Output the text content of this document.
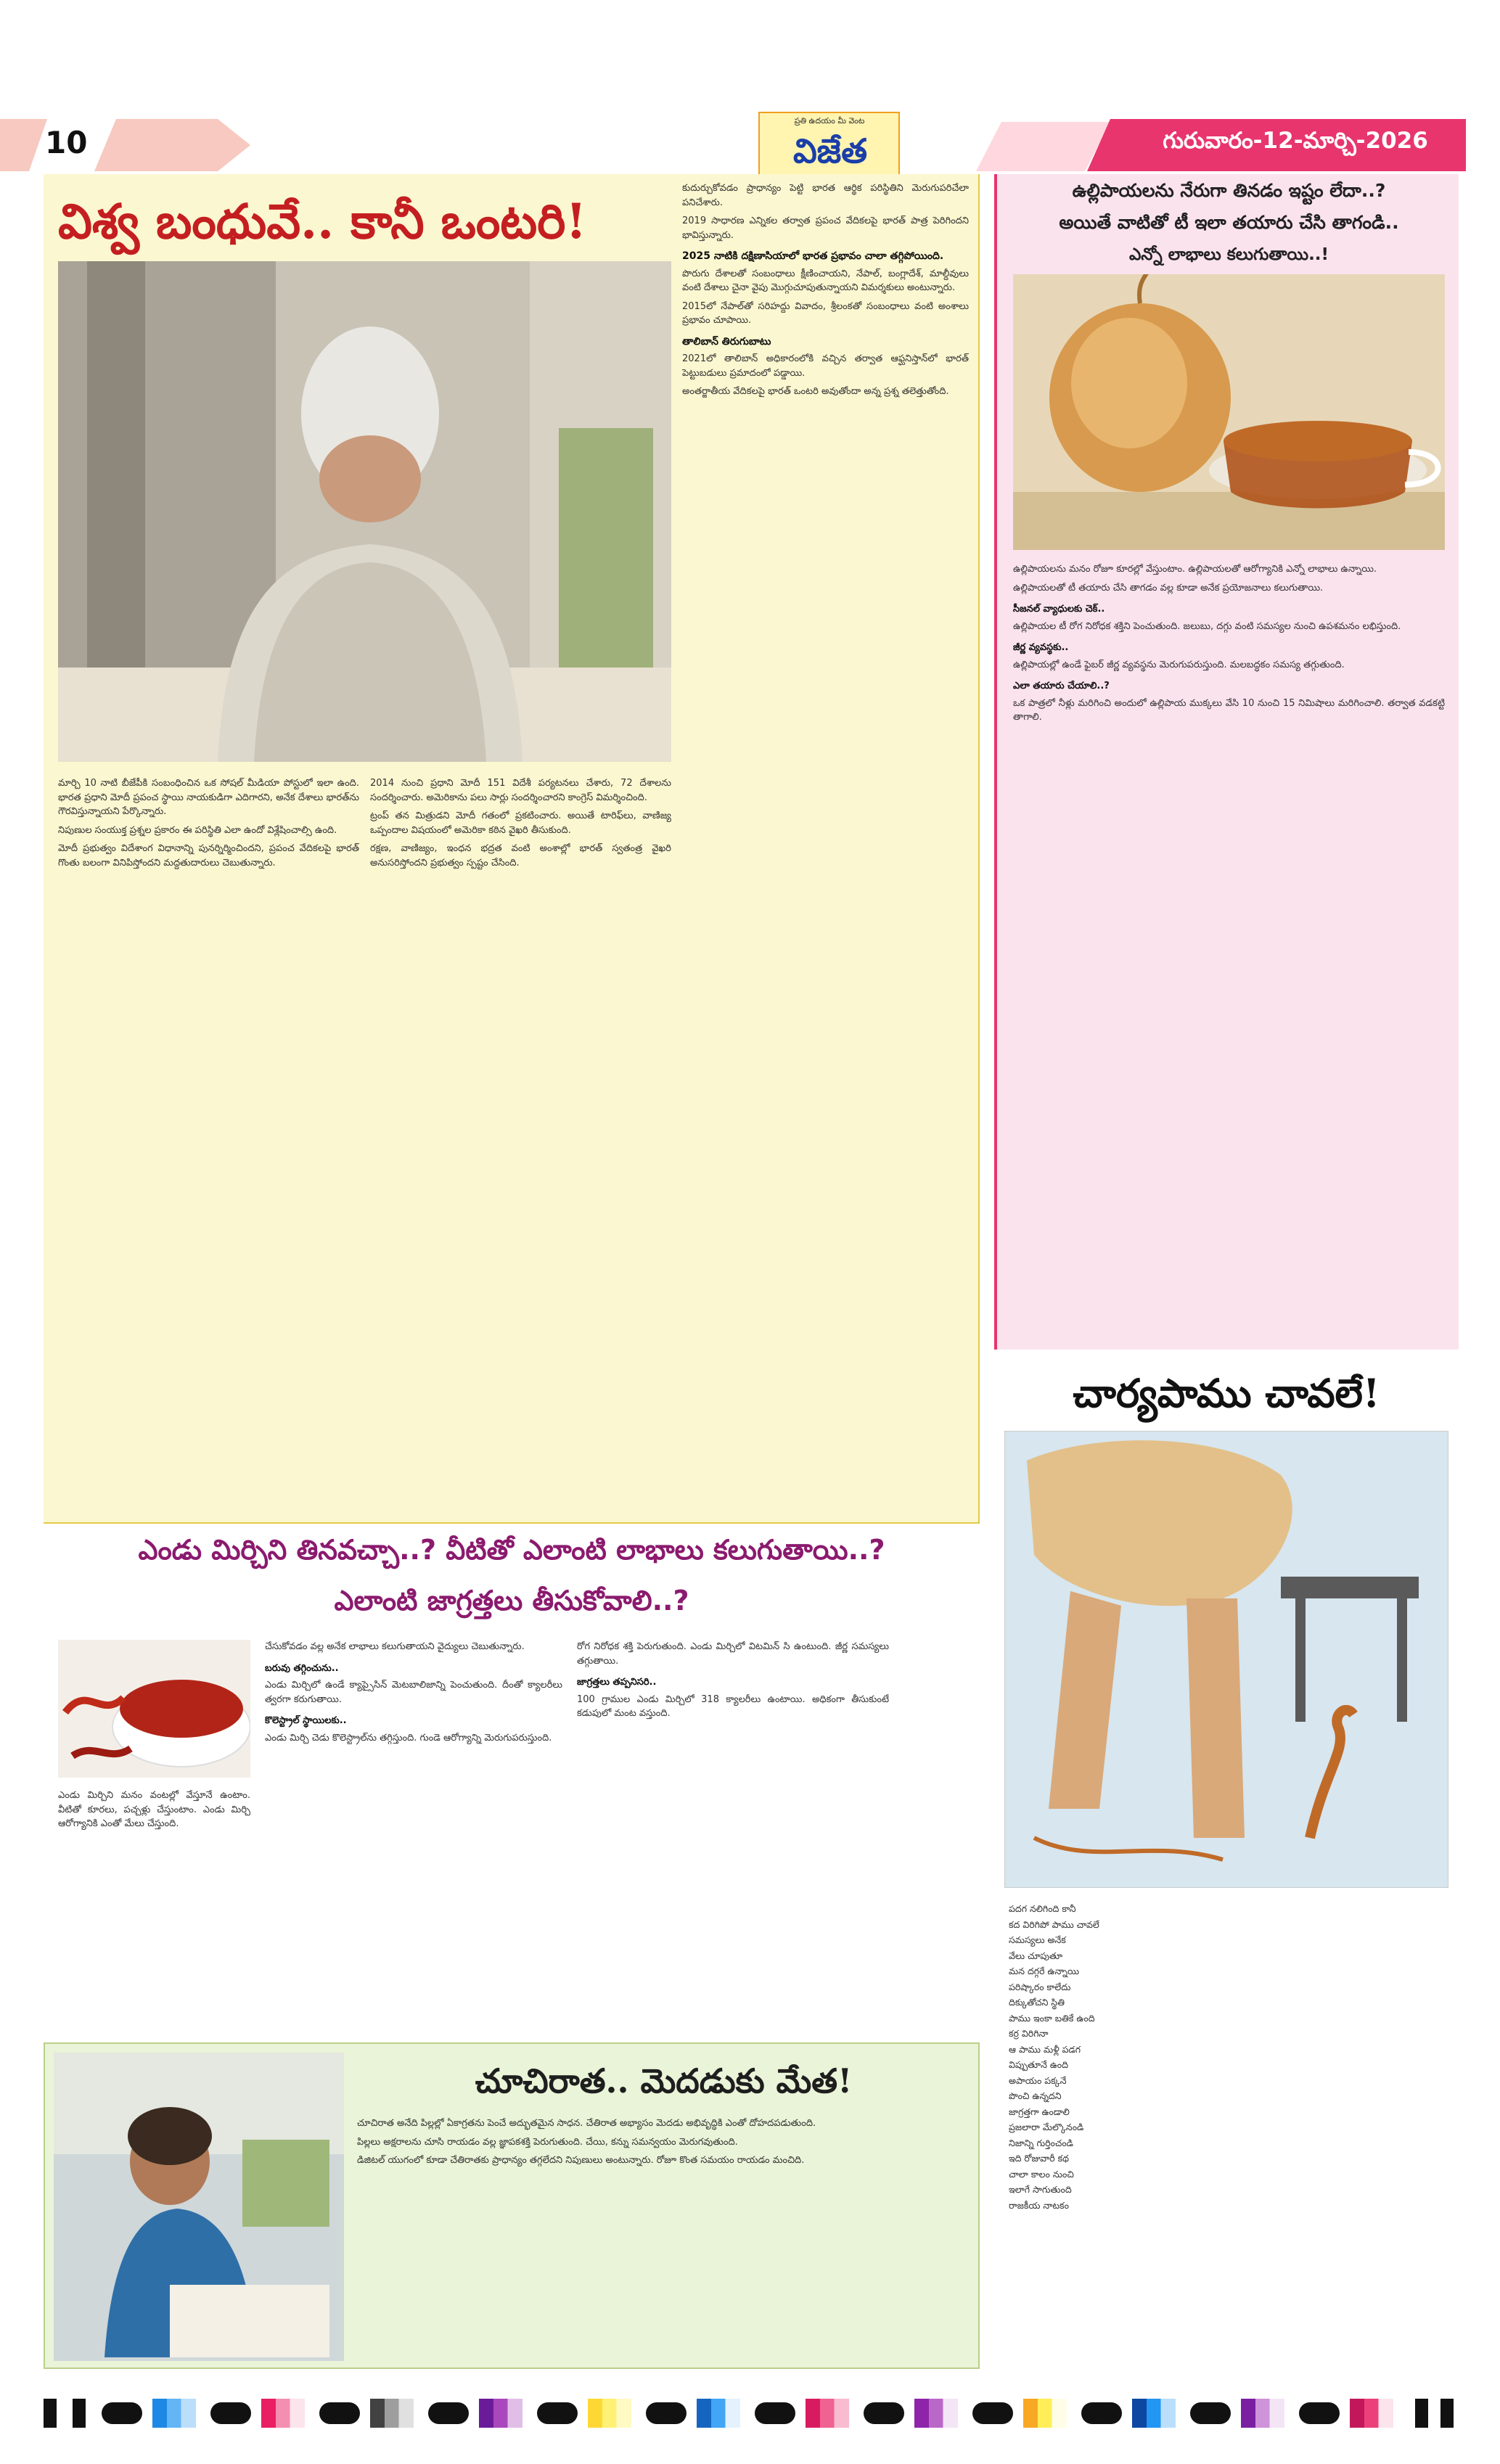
10
ప్రతి ఉదయం మీ వెంట
విజేత	గురువారం-12-మార్చి-2026
విశ్వ బంధువే.. కానీ ఒంటరి!

మార్చి 10 నాటి బీజేపీకి సంబంధించిన ఒక సోషల్ మీడియా పోస్టులో ఇలా ఉంది. భారత ప్రధాని మోదీ ప్రపంచ స్థాయి నాయకుడిగా ఎదిగారని, అనేక దేశాలు భారత్‌ను గౌరవిస్తున్నాయని పేర్కొన్నారు.

నిపుణుల సంయుక్త ప్రశ్నల ప్రకారం ఈ పరిస్థితి ఎలా ఉందో విశ్లేషించాల్సి ఉంది.

మోదీ ప్రభుత్వం విదేశాంగ విధానాన్ని పునర్నిర్మించిందని, ప్రపంచ వేదికలపై భారత్ గొంతు బలంగా వినిపిస్తోందని మద్దతుదారులు చెబుతున్నారు.

2014 నుంచి ప్రధాని మోదీ 151 విదేశీ పర్యటనలు చేశారు, 72 దేశాలను సందర్శించారు. అమెరికాను పలు సార్లు సందర్శించారని కాంగ్రెస్ విమర్శించింది.

ట్రంప్ తన మిత్రుడని మోదీ గతంలో ప్రకటించారు. అయితే టారిఫ్‌లు, వాణిజ్య ఒప్పందాల విషయంలో అమెరికా కఠిన వైఖరి తీసుకుంది.

రక్షణ, వాణిజ్యం, ఇంధన భద్రత వంటి అంశాల్లో భారత్ స్వతంత్ర వైఖరి అనుసరిస్తోందని ప్రభుత్వం స్పష్టం చేసింది.

కుదుర్చుకోవడం ప్రాధాన్యం పెట్టి భారత ఆర్థిక పరిస్థితిని మెరుగుపరిచేలా పనిచేశారు.

2019 సాధారణ ఎన్నికల తర్వాత ప్రపంచ వేదికలపై భారత్ పాత్ర పెరిగిందని భావిస్తున్నారు.

2025 నాటికి దక్షిణాసియాలో భారత ప్రభావం చాలా తగ్గిపోయింది.

పొరుగు దేశాలతో సంబంధాలు క్షీణించాయని, నేపాల్, బంగ్లాదేశ్, మాల్దీవులు వంటి దేశాలు చైనా వైపు మొగ్గుచూపుతున్నాయని విమర్శకులు అంటున్నారు.

2015లో నేపాల్‌తో సరిహద్దు వివాదం, శ్రీలంకతో సంబంధాలు వంటి అంశాలు ప్రభావం చూపాయి.

తాలిబాన్ తిరుగుబాటు

2021లో తాలిబాన్ అధికారంలోకి వచ్చిన తర్వాత ఆఫ్ఘనిస్తాన్‌లో భారత్ పెట్టుబడులు ప్రమాదంలో పడ్డాయి.

అంతర్జాతీయ వేదికలపై భారత్ ఒంటరి అవుతోందా అన్న ప్రశ్న తలెత్తుతోంది.

ఉల్లిపాయలను నేరుగా తినడం ఇష్టం లేదా..?
అయితే వాటితో టీ ఇలా తయారు చేసి తాగండి..
ఎన్నో లాభాలు కలుగుతాయి..!

ఉల్లిపాయలను మనం రోజూ కూరల్లో వేస్తుంటాం. ఉల్లిపాయలతో ఆరోగ్యానికి ఎన్నో లాభాలు ఉన్నాయి.

ఉల్లిపాయలతో టీ తయారు చేసి తాగడం వల్ల కూడా అనేక ప్రయోజనాలు కలుగుతాయి.

సీజనల్ వ్యాధులకు చెక్..

ఉల్లిపాయల టీ రోగ నిరోధక శక్తిని పెంచుతుంది. జలుబు, దగ్గు వంటి సమస్యల నుంచి ఉపశమనం లభిస్తుంది.

జీర్ణ వ్యవస్థకు..

ఉల్లిపాయల్లో ఉండే ఫైబర్ జీర్ణ వ్యవస్థను మెరుగుపరుస్తుంది. మలబద్ధకం సమస్య తగ్గుతుంది.

ఎలా తయారు చేయాలి..?

ఒక పాత్రలో నీళ్లు మరిగించి అందులో ఉల్లిపాయ ముక్కలు వేసి 10 నుంచి 15 నిమిషాలు మరిగించాలి. తర్వాత వడకట్టి తాగాలి.

చార్యపాము చావలే!
పదగ నలిగింది కానీ
కద విరిగిపో పాము చావలే
సమస్యలు అనేక
వేలు చూపుతూ
మన దగ్గరే ఉన్నాయి
పరిష్కారం కాలేదు
దిక్కుతోచని స్థితి
పాము ఇంకా బతికే ఉంది
కర్ర విరిగినా
ఆ పాము మళ్లీ పడగ
విప్పుతూనే ఉంది
అపాయం పక్కనే
పొంచి ఉన్నదని
జాగ్రత్తగా ఉండాలి
ప్రజలారా మేల్కొనండి
నిజాన్ని గుర్తించండి
ఇది రోజువారీ కథ
చాలా కాలం నుంచి
ఇలాగే సాగుతుంది
రాజకీయ నాటకం
ఎండు మిర్చిని తినవచ్చా..? వీటితో ఎలాంటి లాభాలు కలుగుతాయి..?
ఎలాంటి జాగ్రత్తలు తీసుకోవాలి..?

ఎండు మిర్చిని మనం వంటల్లో వేస్తూనే ఉంటాం. వీటితో కూరలు, పచ్చళ్లు చేస్తుంటాం. ఎండు మిర్చి ఆరోగ్యానికి ఎంతో మేలు చేస్తుంది.

చేసుకోవడం వల్ల అనేక లాభాలు కలుగుతాయని వైద్యులు చెబుతున్నారు.

బరువు తగ్గించును..

ఎండు మిర్చిలో ఉండే క్యాప్సైసిన్ మెటబాలిజాన్ని పెంచుతుంది. దీంతో క్యాలరీలు త్వరగా కరుగుతాయి.

కొలెస్ట్రాల్ స్థాయిలకు..

ఎండు మిర్చి చెడు కొలెస్ట్రాల్‌ను తగ్గిస్తుంది. గుండె ఆరోగ్యాన్ని మెరుగుపరుస్తుంది.

రోగ నిరోధక శక్తి పెరుగుతుంది. ఎండు మిర్చిలో విటమిన్ సి ఉంటుంది. జీర్ణ సమస్యలు తగ్గుతాయి.

జాగ్రత్తలు తప్పనిసరి..

100 గ్రాముల ఎండు మిర్చిలో 318 క్యాలరీలు ఉంటాయి. అధికంగా తీసుకుంటే కడుపులో మంట వస్తుంది.

చూచిరాత.. మెదడుకు మేత!

చూచిరాత అనేది పిల్లల్లో ఏకాగ్రతను పెంచే అద్భుతమైన సాధన. చేతిరాత అభ్యాసం మెదడు అభివృద్ధికి ఎంతో దోహదపడుతుంది.

పిల్లలు అక్షరాలను చూసి రాయడం వల్ల జ్ఞాపకశక్తి పెరుగుతుంది. చేయి, కన్ను సమన్వయం మెరుగవుతుంది.

డిజిటల్ యుగంలో కూడా చేతిరాతకు ప్రాధాన్యం తగ్గలేదని నిపుణులు అంటున్నారు. రోజూ కొంత సమయం రాయడం మంచిది.
